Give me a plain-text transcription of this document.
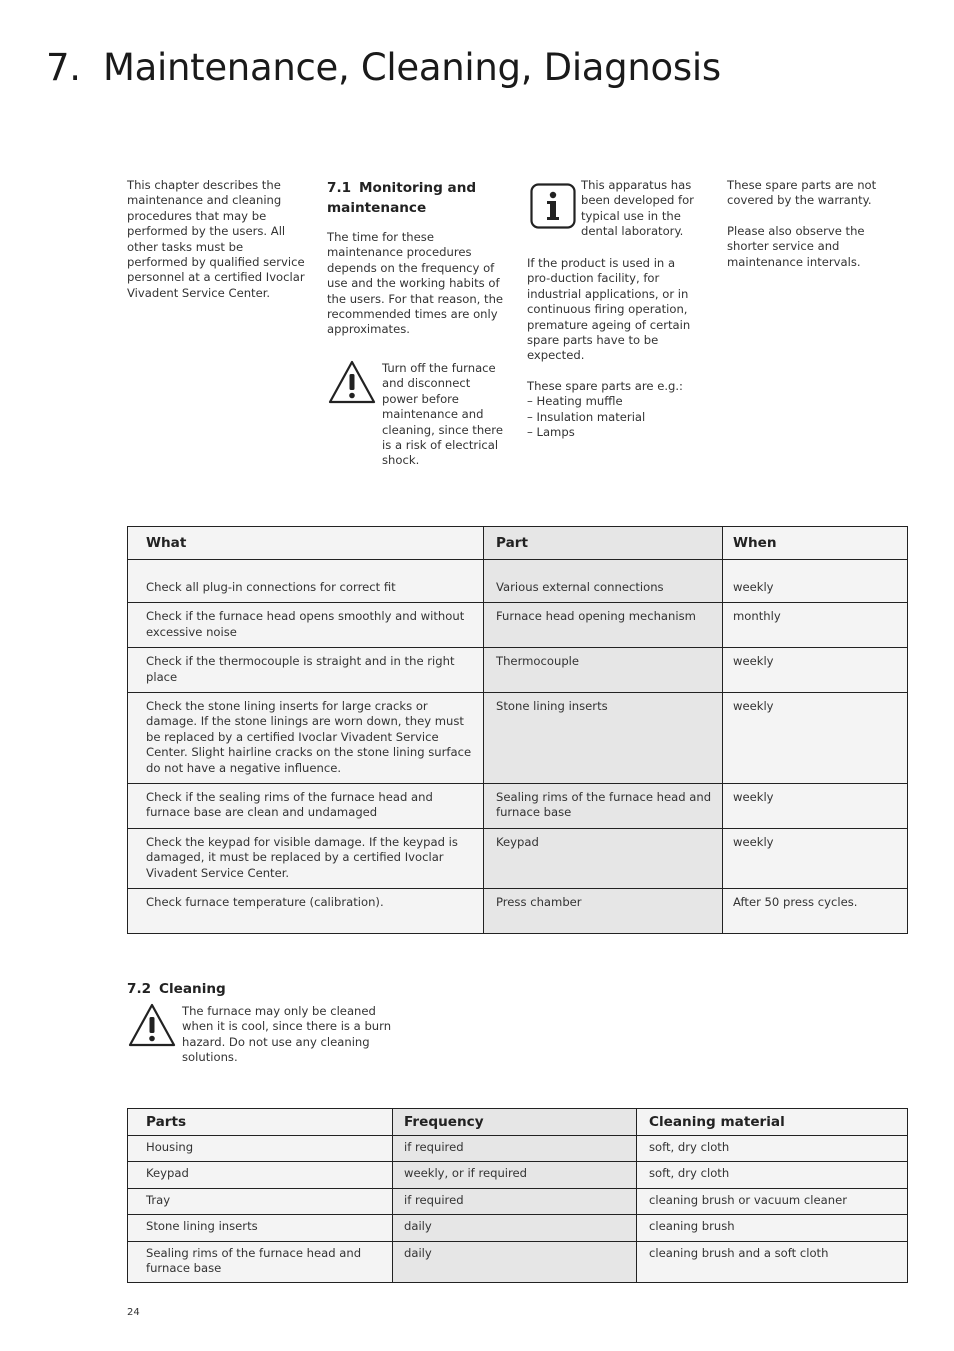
7. Maintenance, Cleaning, Diagnosis

This chapter describes the maintenance and cleaning procedures that may be performed by the users. All other tasks must be performed by qualified service personnel at a certified Ivoclar Vivadent Service Center.

7.1 Monitoring and maintenance

The time for these maintenance procedures depends on the frequency of use and the working habits of the users. For that reason, the recommended times are only approximates.

Turn off the furnace and disconnect power before maintenance and cleaning, since there is a risk of electrical shock.

This apparatus has been developed for typical use in the dental laboratory.

If the product is used in a pro-duction facility, for industrial applications, or in continuous firing operation, premature ageing of certain spare parts have to be expected.

These spare parts are e.g.:

– Heating muffle
– Insulation material
– Lamps

These spare parts are not covered by the warranty.

Please also observe the shorter service and maintenance intervals.

What	Part	When
Check all plug-in connections for correct fit	Various external connections	weekly
Check if the furnace head opens smoothly and without excessive noise	Furnace head opening mechanism	monthly
Check if the thermocouple is straight and in the right place	Thermocouple	weekly
Check the stone lining inserts for large cracks or damage. If the stone linings are worn down, they must be replaced by a certified Ivoclar Vivadent Service Center. Slight hairline cracks on the stone lining surface do not have a negative influence.	Stone lining inserts	weekly
Check if the sealing rims of the furnace head and furnace base are clean and undamaged	Sealing rims of the furnace head and furnace base	weekly
Check the keypad for visible damage. If the keypad is damaged, it must be replaced by a certified Ivoclar Vivadent Service Center.	Keypad	weekly
Check furnace temperature (calibration).	Press chamber	After 50 press cycles.
7.2 Cleaning
The furnace may only be cleaned when it is cool, since there is a burn hazard. Do not use any cleaning solutions.
Parts	Frequency	Cleaning material
Housing	if required	soft, dry cloth
Keypad	weekly, or if required	soft, dry cloth
Tray	if required	cleaning brush or vacuum cleaner
Stone lining inserts	daily	cleaning brush
Sealing rims of the furnace head and furnace base	daily	cleaning brush and a soft cloth
24
